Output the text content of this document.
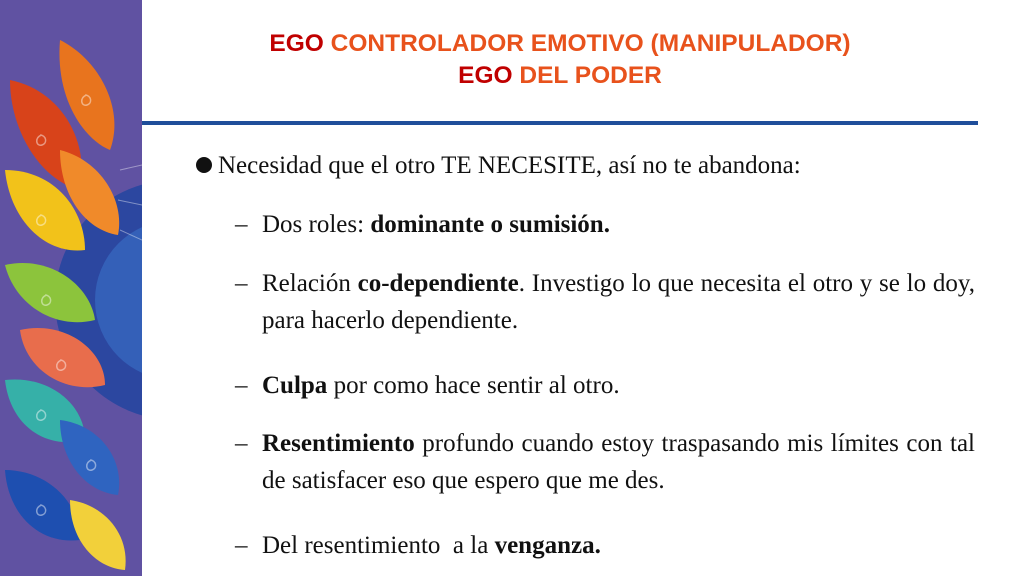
EGO CONTROLADOR EMOTIVO (MANIPULADOR)
EGO DEL PODER
Necesidad que el otro TE NECESITE, así no te abandona:
– Dos roles: dominante o sumisión.
– Relación co-dependiente. Investigo lo que necesita el otro y se lo doy, para hacerlo dependiente.
– Culpa por como hace sentir al otro.
– Resentimiento profundo cuando estoy traspasando mis límites con tal de satisfacer eso que espero que me des.
– Del resentimiento  a la venganza.
